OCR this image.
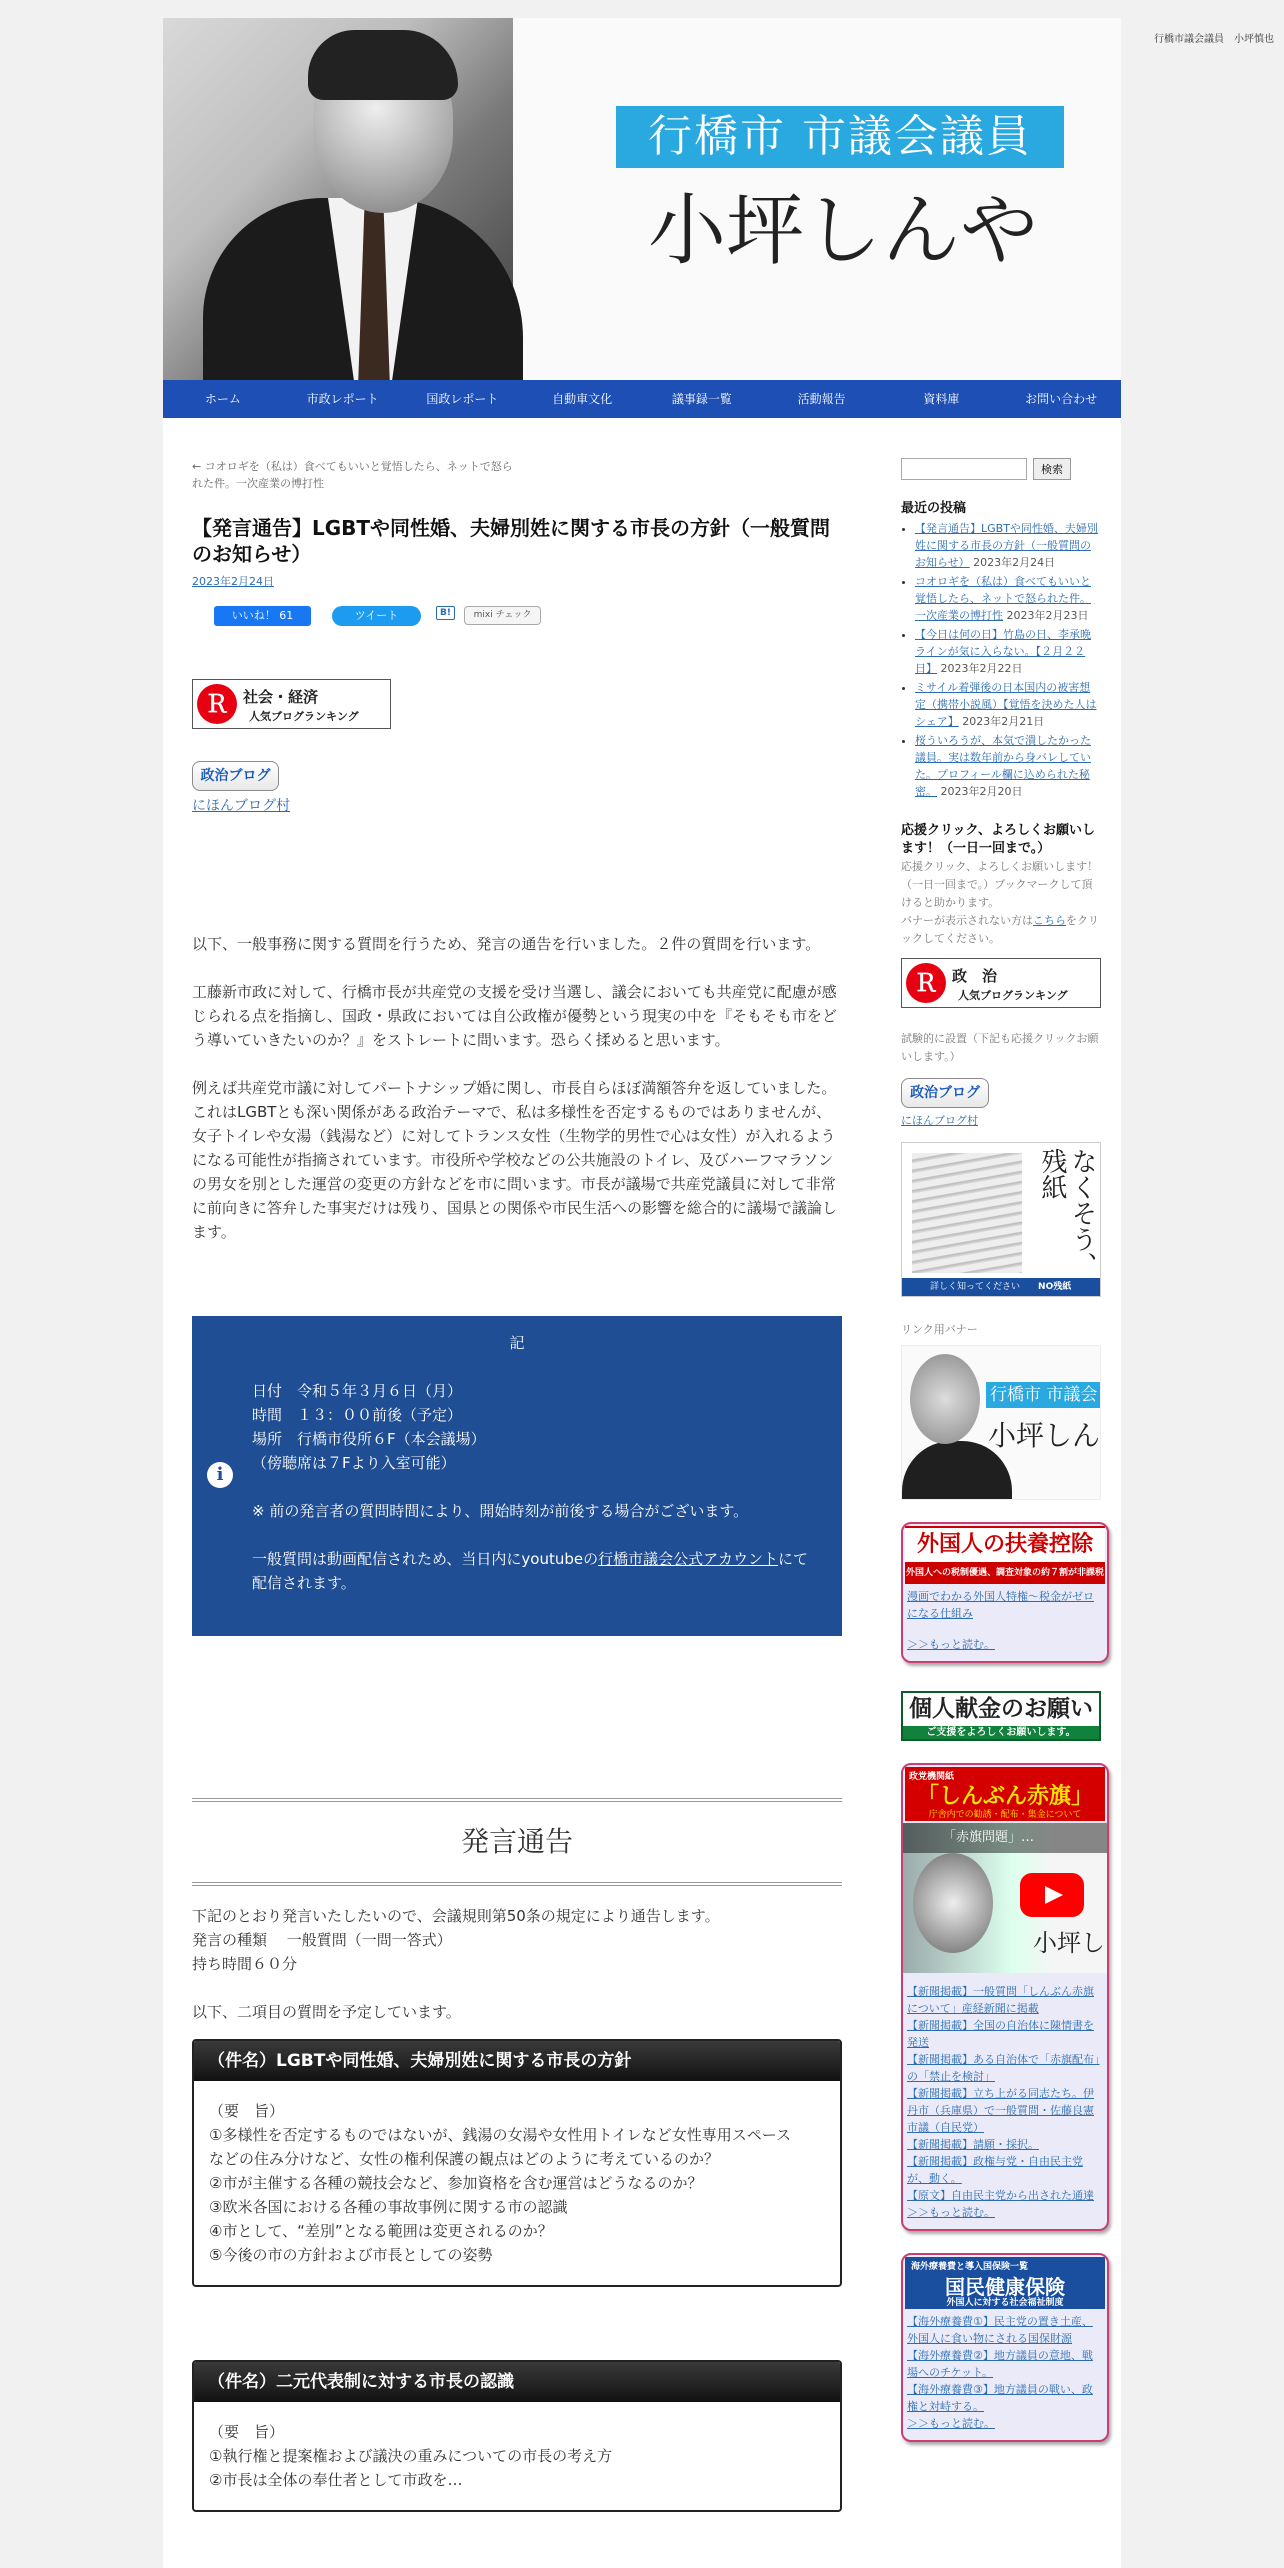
行橋市議会議員　小坪慎也
行橋市 市議会議員
小坪しんや
ホーム	市政レポート	国政レポート	自動車文化	議事録一覧	活動報告	資料庫	お問い合わせ
← コオロギを（私は）食べてもいいと覚悟したら、ネットで怒られた件。一次産業の博打性
【発言通告】LGBTや同性婚、夫婦別姓に関する市長の方針（一般質問のお知らせ）
2023年2月24日
いいね！ 61	ツイート	B!	mixi チェック
Ｒ 社会・経済
人気ブログランキング
政治ブログ
にほんブログ村

以下、一般事務に関する質問を行うため、発言の通告を行いました。２件の質問を行います。

工藤新市政に対して、行橋市長が共産党の支援を受け当選し、議会においても共産党に配慮が感じられる点を指摘し、国政・県政においては自公政権が優勢という現実の中を『そもそも市をどう導いていきたいのか？』をストレートに問います。恐らく揉めると思います。

例えば共産党市議に対してパートナシップ婚に関し、市長自らほぼ満額答弁を返していました。これはLGBTとも深い関係がある政治テーマで、私は多様性を否定するものではありませんが、女子トイレや女湯（銭湯など）に対してトランス女性（生物学的男性で心は女性）が入れるようになる可能性が指摘されています。市役所や学校などの公共施設のトイレ、及びハーフマラソンの男女を別とした運営の変更の方針などを市に問います。市長が議場で共産党議員に対して非常に前向きに答弁した事実だけは残り、国県との関係や市民生活への影響を総合的に議場で議論します。

記
i
日付　令和５年３月６日（月）
時間　１３：００前後（予定）
場所　行橋市役所６F（本会議場）
（傍聴席は７Fより入室可能）
※ 前の発言者の質問時間により、開始時刻が前後する場合がございます。
一般質問は動画配信されため、当日内にyoutubeの行橋市議会公式アカウントにて配信されます。
発言通告
下記のとおり発言いたしたいので、会議規則第50条の規定により通告します。
発言の種類　 一般質問（一問一答式）
持ち時間６０分
以下、二項目の質問を予定しています。
（件名）LGBTや同性婚、夫婦別姓に関する市長の方針
（要　旨）
①多様性を否定するものではないが、銭湯の女湯や女性用トイレなど女性専用スペース
などの住み分けなど、女性の権利保護の観点はどのように考えているのか？
②市が主催する各種の競技会など、参加資格を含む運営はどうなるのか？
③欧米各国における各種の事故事例に関する市の認識
④市として、“差別”となる範囲は変更されるのか？
⑤今後の市の方針および市長としての姿勢
（件名）二元代表制に対する市長の認識
（要　旨）
①執行権と提案権および議決の重みについての市長の考え方
②市長は全体の奉仕者として市政を…
検索
最近の投稿
• 【発言通告】LGBTや同性婚、夫婦別姓に関する市長の方針（一般質問のお知らせ） 2023年2月24日
• コオロギを（私は）食べてもいいと覚悟したら、ネットで怒られた件。一次産業の博打性 2023年2月23日
• 【今日は何の日】竹島の日、李承晩ラインが気に入らない。【２月２２日】 2023年2月22日
• ミサイル着弾後の日本国内の被害想定（携帯小説風）【覚悟を決めた人はシェア】 2023年2月21日
• 桜ういろうが、本気で潰したかった議員。実は数年前から身バレしていた。プロフィール欄に込められた秘密。 2023年2月20日
応援クリック、よろしくお願いします！（一日一回まで。）

応援クリック、よろしくお願いします！（一日一回まで。）ブックマークして頂けると助かります。

バナーが表示されない方はこちらをクリックしてください。

Ｒ 政　治
人気ブログランキング

試験的に設置（下記も応援クリックお願いします。）

政治ブログ
にほんブログ村
なくそう、残紙
詳しく知ってください　　 NO残紙

リンク用バナー

行橋市 市議会
小坪しん
外国人の扶養控除
外国人への税制優遇、調査対象の約７割が非課税
漫画でわかる外国人特権～税金がゼロになる仕組み
＞＞もっと読む。
個人献金のお願い
ご支援をよろしくお願いします。
政党機関紙
「しんぶん赤旗」
庁舎内での勧誘・配布・集金について
小坪し
「赤旗問題」…
【新聞掲載】一般質問「しんぶん赤旗について」産経新聞に掲載
【新聞掲載】全国の自治体に陳情書を発送
【新聞掲載】ある自治体で「赤旗配布」の「禁止を検討」
【新聞掲載】立ち上がる同志たち。伊丹市（兵庫県）で一般質問・佐藤良憲市議（自民党）
【新聞掲載】請願・採択。
【新聞掲載】政権与党・自由民主党が、動く。
【原文】自由民主党から出された通達
＞＞もっと読む。
海外療養費と導入国保険一覧
国民健康保険
外国人に対する社会福祉制度
【海外療養費①】民主党の置き土産、外国人に食い物にされる国保財源
【海外療養費②】地方議員の意地、戦場へのチケット。
【海外療養費③】地方議員の戦い、政権と対峙する。
＞＞もっと読む。
